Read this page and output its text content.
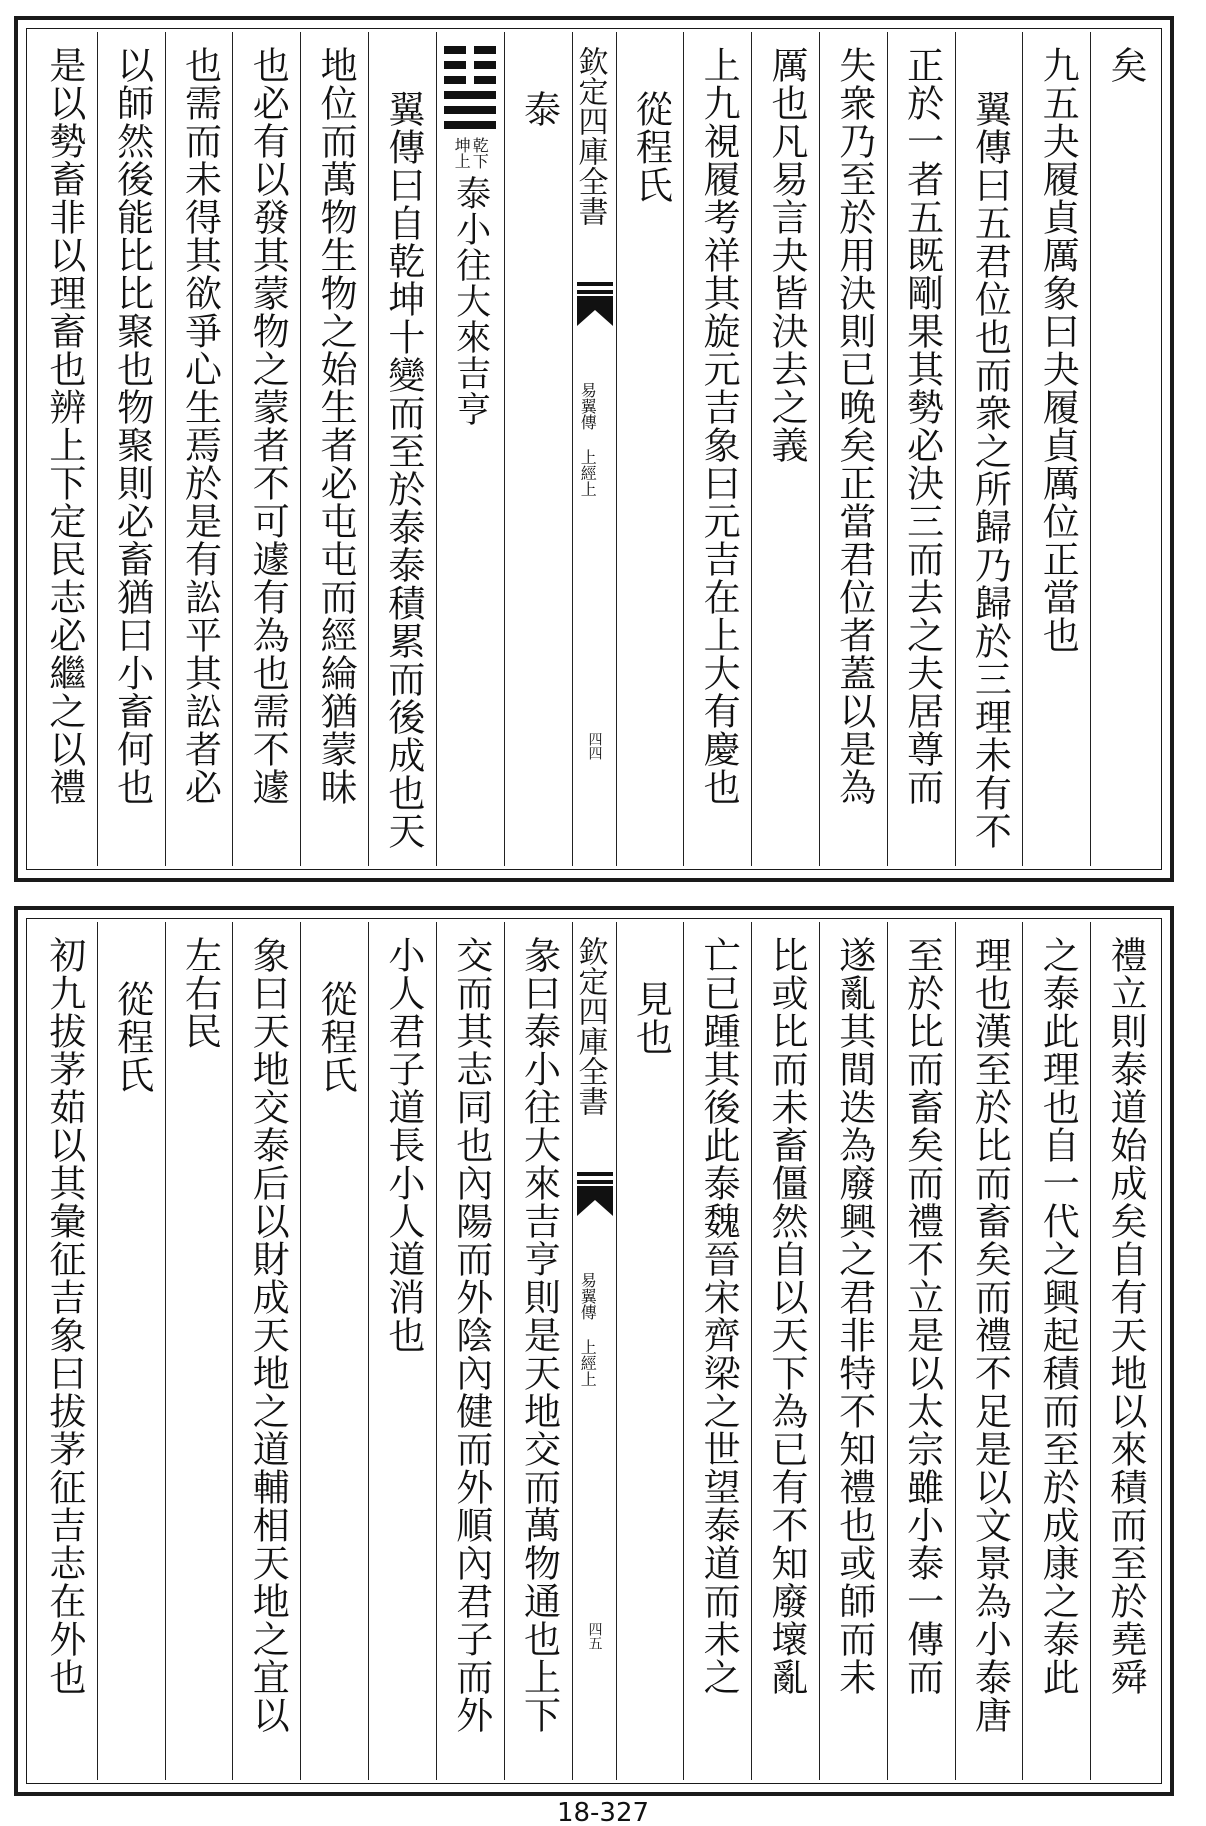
矣
九五夬履貞厲象曰夬履貞厲位正當也
翼傳曰五君位也而衆之所歸乃歸於三理未有不
正於一者五既剛果其勢必決三而去之夫居尊而
失衆乃至於用決則已晚矣正當君位者蓋以是為
厲也凡易言夬皆決去之義
上九視履考祥其旋元吉象曰元吉在上大有慶也
從程氏
欽定四庫全書
易翼傳 上經上
四四
泰
乾下
坤上
泰小往大來吉亨
翼傳曰自乾坤十變而至於泰泰積累而後成也天
地位而萬物生物之始生者必屯屯而經綸猶蒙昧
也必有以發其蒙物之蒙者不可遽有為也需不遽
也需而未得其欲爭心生焉於是有訟平其訟者必
以師然後能比比聚也物聚則必畜猶曰小畜何也
是以勢畜非以理畜也辨上下定民志必繼之以禮
禮立則泰道始成矣自有天地以來積而至於堯舜
之泰此理也自一代之興起積而至於成康之泰此
理也漢至於比而畜矣而禮不足是以文景為小泰唐
至於比而畜矣而禮不立是以太宗雖小泰一傳而
遂亂其間迭為廢興之君非特不知禮也或師而未
比或比而未畜僵然自以天下為已有不知廢壞亂
亡已踵其後此泰魏晉宋齊梁之世望泰道而未之
見也
欽定四庫全書
易翼傳 上經上
四五
彖曰泰小往大來吉亨則是天地交而萬物通也上下
交而其志同也內陽而外陰內健而外順內君子而外
小人君子道長小人道消也
從程氏
象曰天地交泰后以財成天地之道輔相天地之宜以
左右民
從程氏
初九拔茅茹以其彙征吉象曰拔茅征吉志在外也
18-327
